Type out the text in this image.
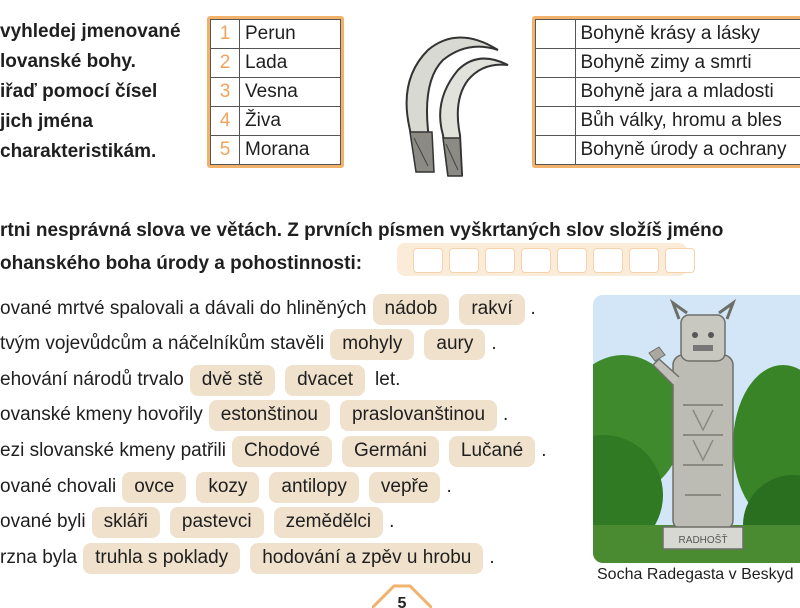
vyhledej jmenované
lovanské bohy.
iřaď pomocí čísel
jich jména
charakteristikám.
1	Perun
2	Lada
3	Vesna
4	Živa
5	Morana
	Bohyně krásy a lásky
	Bohyně zimy a smrti
	Bohyně jara a mladosti
	Bůh války, hromu a bles
	Bohyně úrody a ochrany
rtni nesprávná slova ve větách. Z prvních písmen vyškrtaných slov složíš jméno
ohanského boha úrody a pohostinnosti:
ované mrtvé spalovali a dávali do hliněných nádob	rakví .
tvým vojevůdcům a náčelníkům stavěli mohyly	aury .
ehování národů trvalo dvě stě	dvacet	let.
ovanské kmeny hovořily estonštinou	praslovanštinou .
ezi slovanské kmeny patřili Chodové	Germáni	Lučané .
ované chovali ovce	kozy	antilopy	vepře .
ované byli skláři	pastevci	zemědělci .
rzna byla truhla s poklady	hodování a zpěv u hrobu .
RADHOŠŤ
Socha Radegasta v Beskyd
5
